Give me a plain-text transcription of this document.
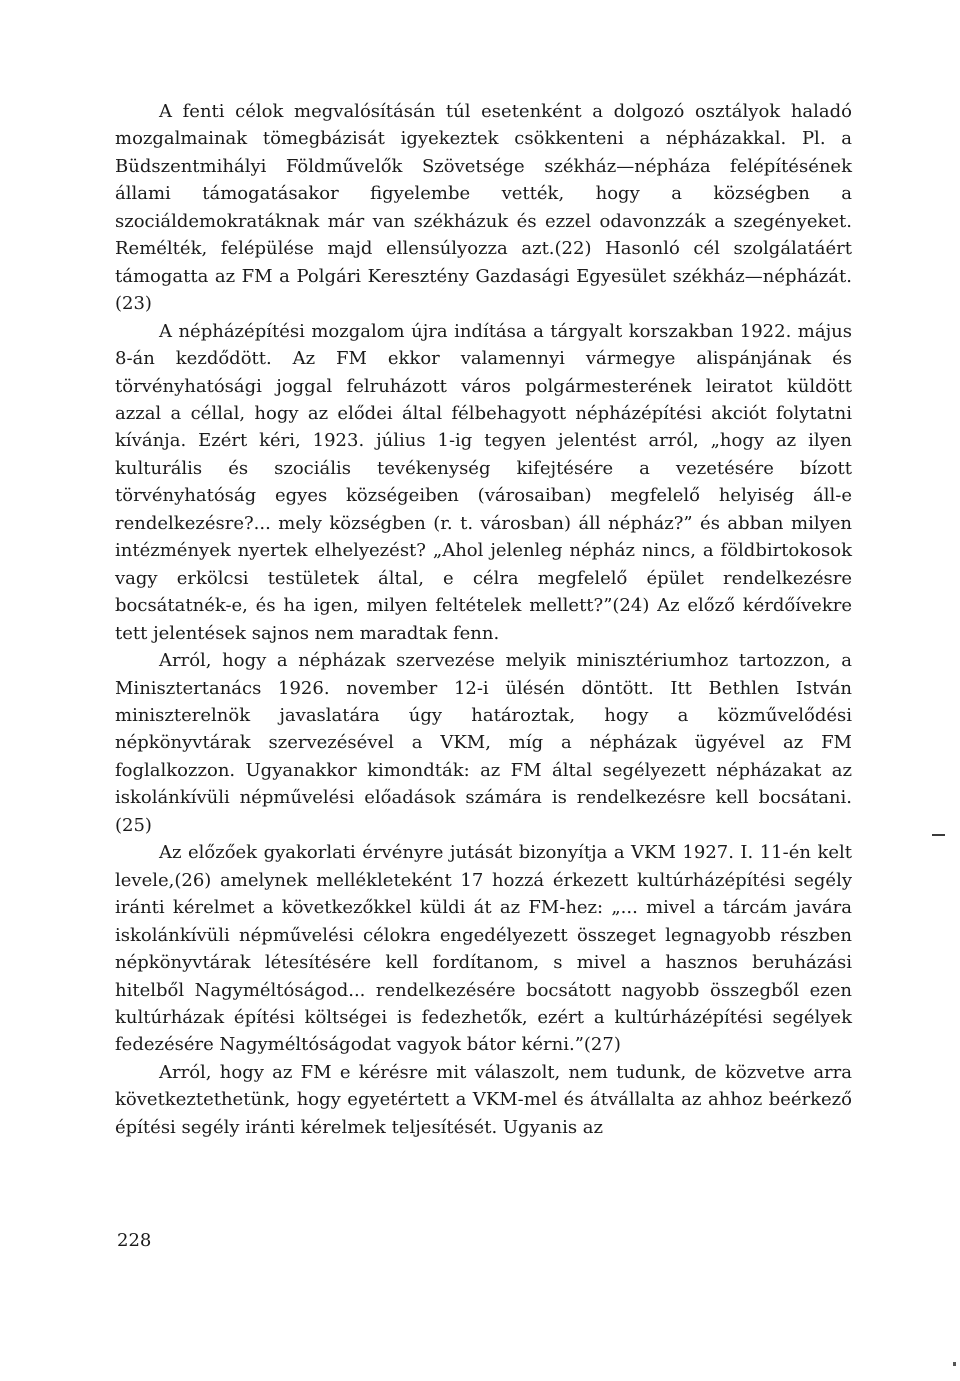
A fenti célok megvalósításán túl esetenként a dolgozó osztályok haladó mozgalmainak tömegbázisát igyekeztek csökkenteni a népházakkal. Pl. a Büdszentmihályi Földművelők Szövetsége székház—népháza felépítésének állami támogatásakor figyelembe vették, hogy a községben a szociáldemokratáknak már van székházuk és ezzel odavonzzák a szegényeket. Remélték, felépülése majd ellensúlyozza azt.(22) Hasonló cél szolgálatáért támogatta az FM a Polgári Keresztény Gazdasági Egyesület székház—népházát.(23)

A népházépítési mozgalom újra indítása a tárgyalt korszakban 1922. május 8-án kezdődött. Az FM ekkor valamennyi vármegye alispánjának és törvényhatósági joggal felruházott város polgármesterének leiratot küldött azzal a céllal, hogy az elődei által félbehagyott népházépítési akciót folytatni kívánja. Ezért kéri, 1923. július 1-ig tegyen jelentést arról, „hogy az ilyen kulturális és szociális tevékenység kifejtésére a vezetésére bízott törvényhatóság egyes községeiben (városaiban) megfelelő helyiség áll-e rendelkezésre?... mely községben (r. t. városban) áll népház?” és abban milyen intézmények nyertek elhelyezést? „Ahol jelenleg népház nincs, a földbirtokosok vagy erkölcsi testületek által, e célra megfelelő épület rendelkezésre bocsátatnék-e, és ha igen, milyen feltételek mellett?”(24) Az előző kérdőívekre tett jelentések sajnos nem maradtak fenn.

Arról, hogy a népházak szervezése melyik minisztériumhoz tartozzon, a Minisztertanács 1926. november 12-i ülésén döntött. Itt Bethlen István miniszterelnök javaslatára úgy határoztak, hogy a közművelődési népkönyvtárak szervezésével a VKM, míg a népházak ügyével az FM foglalkozzon. Ugyanakkor kimondták: az FM által segélyezett népházakat az iskolánkívüli népművelési előadások számára is rendelkezésre kell bocsátani.(25)

Az előzőek gyakorlati érvényre jutását bizonyítja a VKM 1927. I. 11-én kelt levele,(26) amelynek mellékleteként 17 hozzá érkezett kultúrházépítési segély iránti kérelmet a következőkkel küldi át az FM-hez: „... mivel a tárcám javára iskolánkívüli népművelési célokra engedélyezett összeget legnagyobb részben népkönyvtárak létesítésére kell fordítanom, s mivel a hasznos beruházási hitelből Nagyméltóságod... rendelkezésére bocsátott nagyobb összegből ezen kultúrházak építési költségei is fedezhetők, ezért a kultúrházépítési segélyek fedezésére Nagyméltóságodat vagyok bátor kérni.”(27)

Arról, hogy az FM e kérésre mit válaszolt, nem tudunk, de közvetve arra következtethetünk, hogy egyetértett a VKM-mel és átvállalta az ahhoz beérkező építési segély iránti kérelmek teljesítését. Ugyanis az

228
